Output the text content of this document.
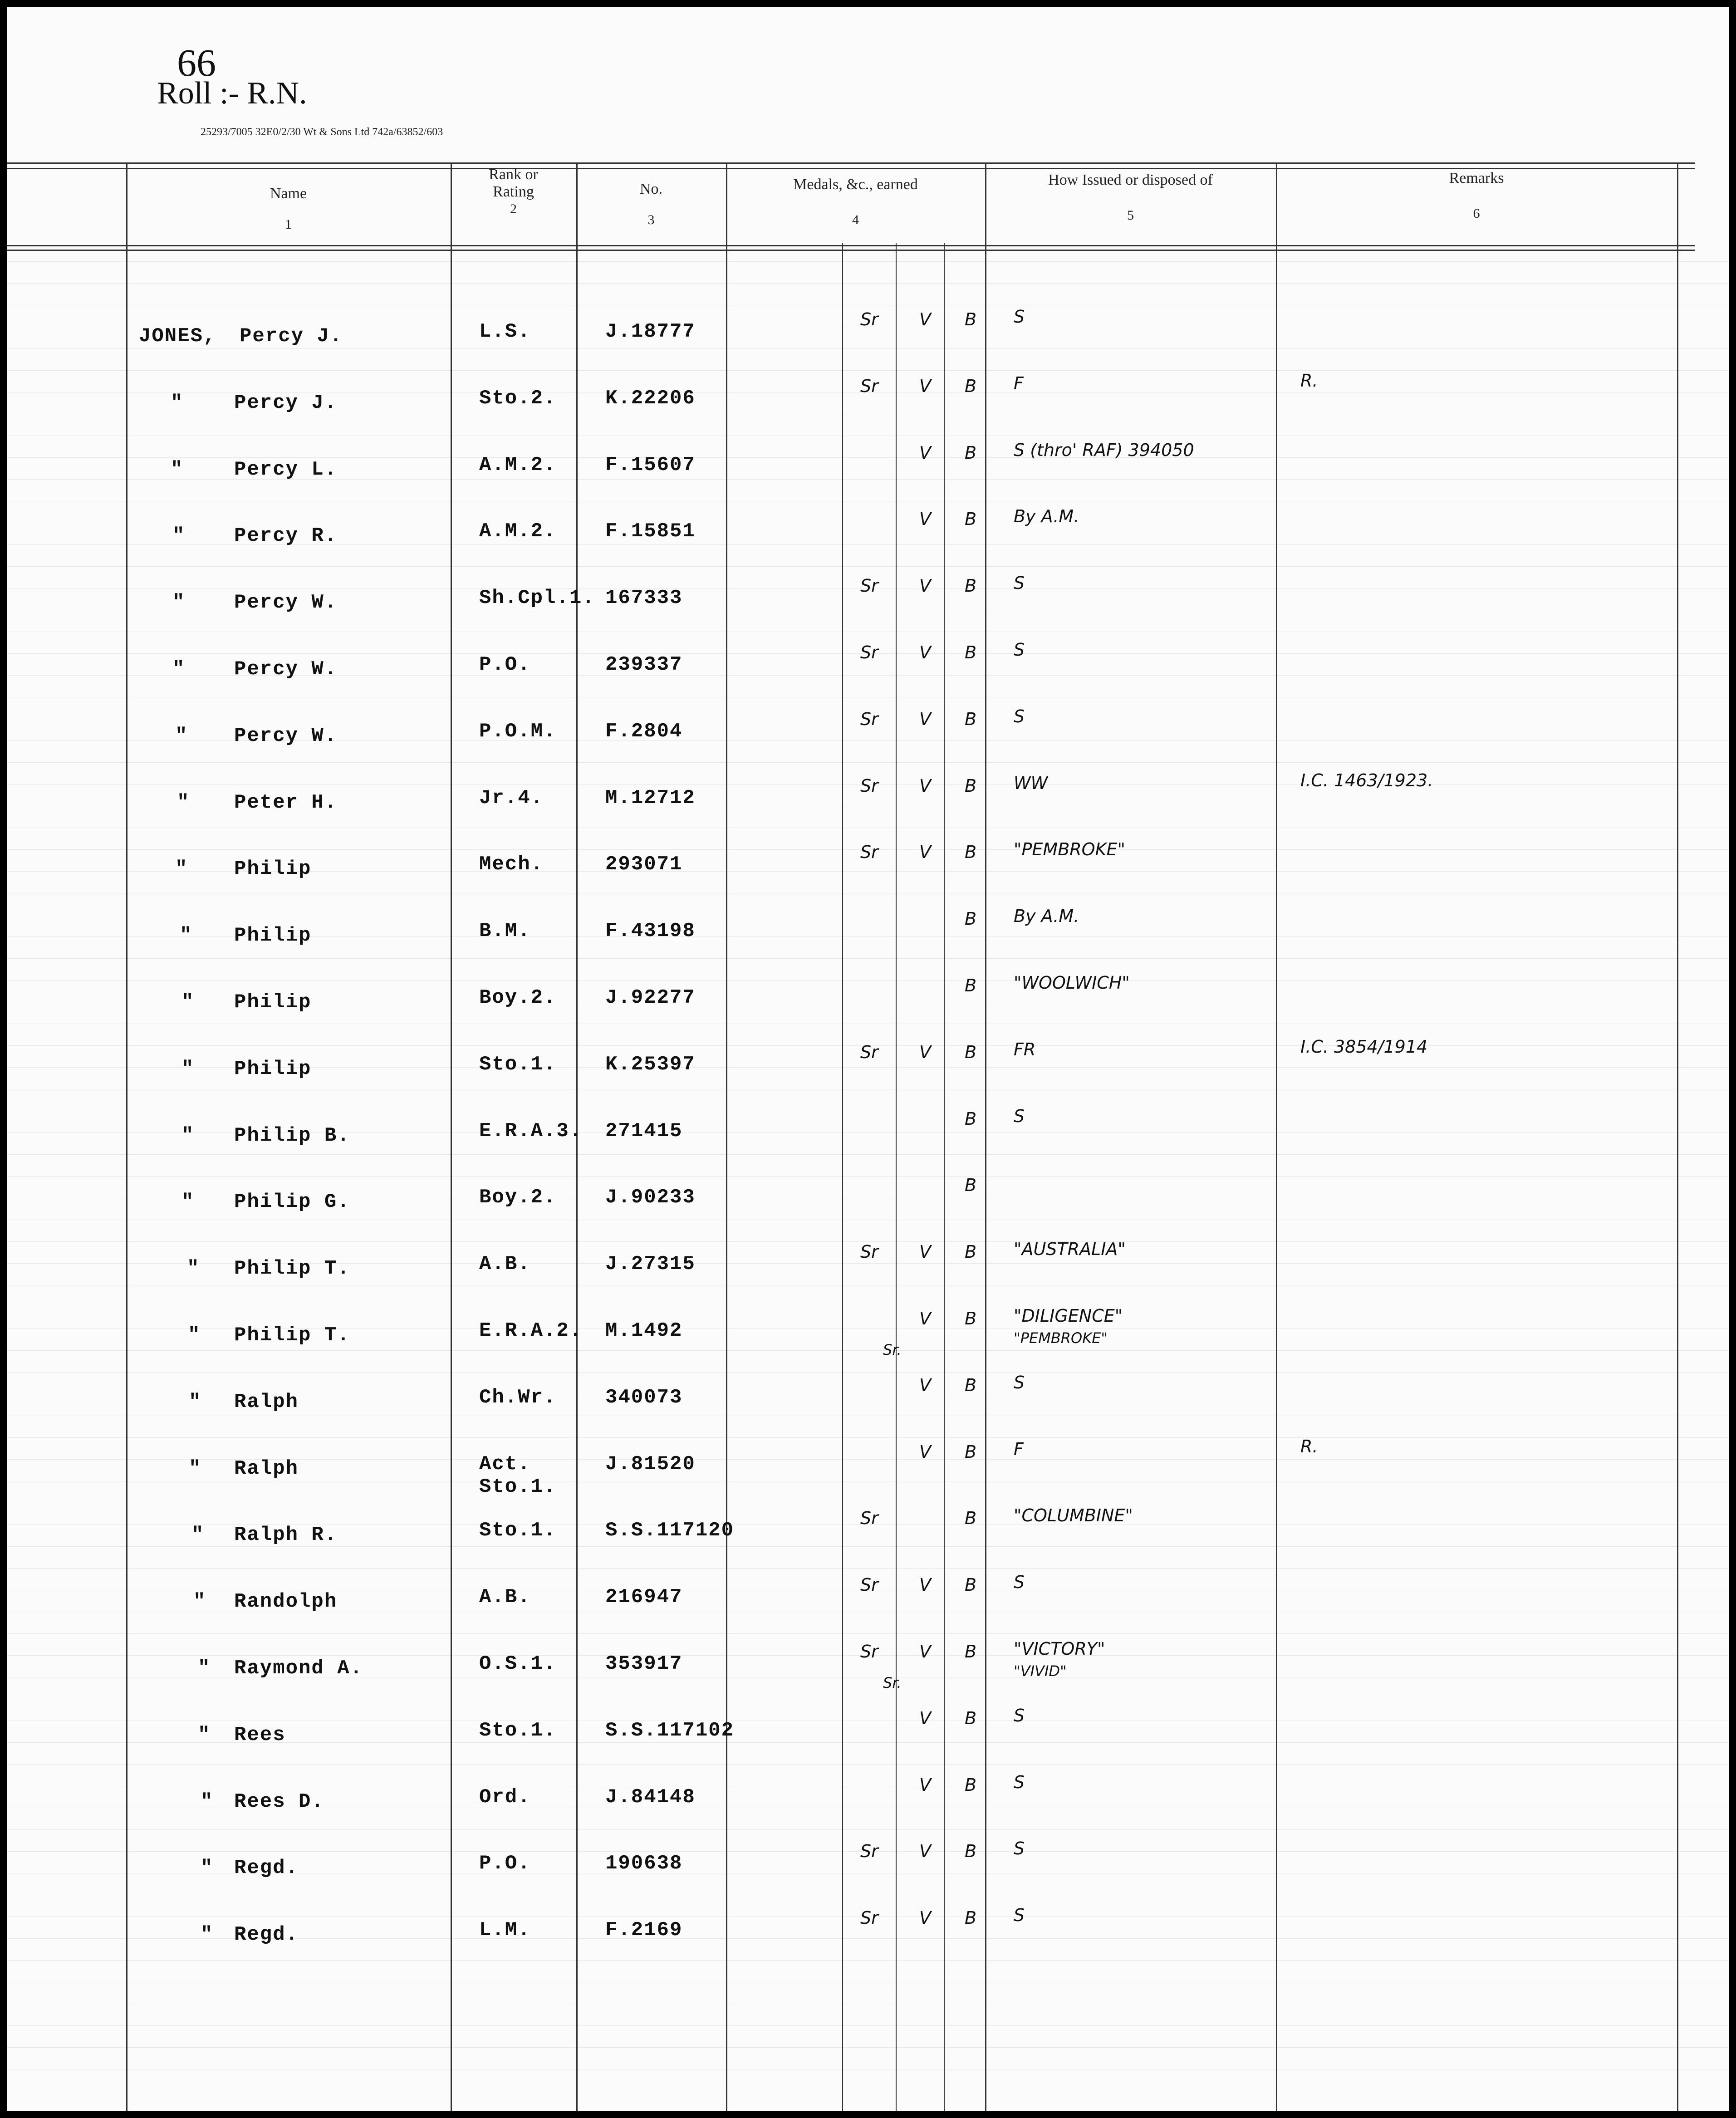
66
Roll :- R.N.
25293/7005 32E0/2/30 Wt & Sons Ltd 742a/63852/603
Name
1
Rank or Rating
2
No.
3
Medals, &c., earned
4
How Issued or disposed of
5
Remarks
6
JONES, Percy J.	L.S.	J.18777
Sr V B S
"	Percy J.	Sto.2. K.22206
Sr V B F	R.
"	Percy L.	A.M.2. F.15607
V B S (thro' RAF) 394050
" Percy R.	A.M.2. F.15851
V B By A.M.
" Percy W.	Sh.Cpl.1. 167333
Sr V B S
" Percy W.	P.O.	239337
Sr V B S
" Percy W.	P.O.M. F.2804
Sr V B S
" Peter H.	Jr.4.	M.12712
Sr V B WW	I.C. 1463/1923.
" Philip	Mech.	293071
Sr V B "PEMBROKE"
" Philip	B.M.	F.43198
B By A.M.
" Philip	Boy.2. J.92277
B "WOOLWICH"
" Philip	Sto.1. K.25397
Sr V B FR	I.C. 3854/1914
" Philip B.	E.R.A.3. 271415
B S
" Philip G.	Boy.2. J.90233
B
" Philip T.	A.B.	J.27315
Sr V B "AUSTRALIA"
" Philip T.	E.R.A.2. M.1492
Sr.
V B "DILIGENCE"
"PEMBROKE"
" Ralph	Ch.Wr. 340073
V B S
" Ralph	Act.
Sto.1.
J.81520
V B F	R.
" Ralph R.	Sto.1. S.S.117120
Sr	B "COLUMBINE"
" Randolph	A.B.	216947
Sr V B S
" Raymond A.	O.S.1. 353917
Sr
Sr.
V B "VICTORY"
"VIVID"
" Rees	Sto.1. S.S.117102
V B S
" Rees D.	Ord.	J.84148
V B S
" Regd.	P.O.	190638
Sr V B S
" Regd.	L.M.	F.2169
Sr V B S
